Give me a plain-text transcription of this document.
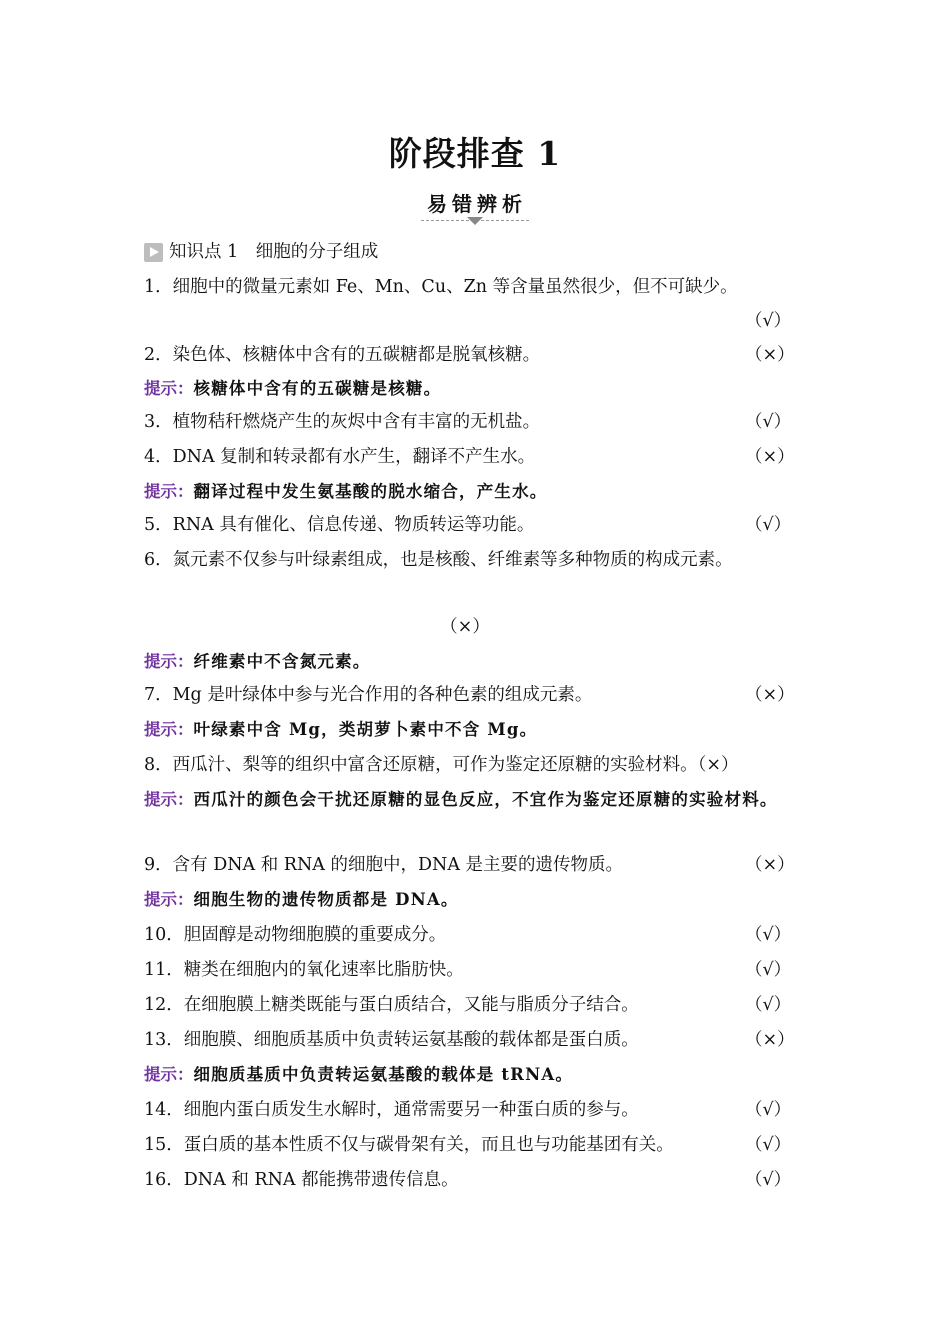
阶段排查 1
易错辨析
知识点 1　细胞的分子组成
1．细胞中的微量元素如 Fe、Mn、Cu、Zn 等含量虽然很少，但不可缺少。
（√）
2．染色体、核糖体中含有的五碳糖都是脱氧核糖。	（×）
提示：核糖体中含有的五碳糖是核糖。
3．植物秸秆燃烧产生的灰烬中含有丰富的无机盐。	（√）
4．DNA 复制和转录都有水产生，翻译不产生水。	（×）
提示：翻译过程中发生氨基酸的脱水缩合，产生水。
5．RNA 具有催化、信息传递、物质转运等功能。	（√）
6．氮元素不仅参与叶绿素组成，也是核酸、纤维素等多种物质的构成元素。
（×）
提示：纤维素中不含氮元素。
7．Mg 是叶绿体中参与光合作用的各种色素的组成元素。	（×）
提示：叶绿素中含 Mg，类胡萝卜素中不含 Mg。
8．西瓜汁、梨等的组织中富含还原糖，可作为鉴定还原糖的实验材料。（×）
提示：西瓜汁的颜色会干扰还原糖的显色反应，不宜作为鉴定还原糖的实验材料。
9．含有 DNA 和 RNA 的细胞中，DNA 是主要的遗传物质。	（×）
提示：细胞生物的遗传物质都是 DNA。
10．胆固醇是动物细胞膜的重要成分。	（√）
11．糖类在细胞内的氧化速率比脂肪快。	（√）
12．在细胞膜上糖类既能与蛋白质结合，又能与脂质分子结合。	（√）
13．细胞膜、细胞质基质中负责转运氨基酸的载体都是蛋白质。	（×）
提示：细胞质基质中负责转运氨基酸的载体是 tRNA。
14．细胞内蛋白质发生水解时，通常需要另一种蛋白质的参与。	（√）
15．蛋白质的基本性质不仅与碳骨架有关，而且也与功能基团有关。	（√）
16．DNA 和 RNA 都能携带遗传信息。	（√）
